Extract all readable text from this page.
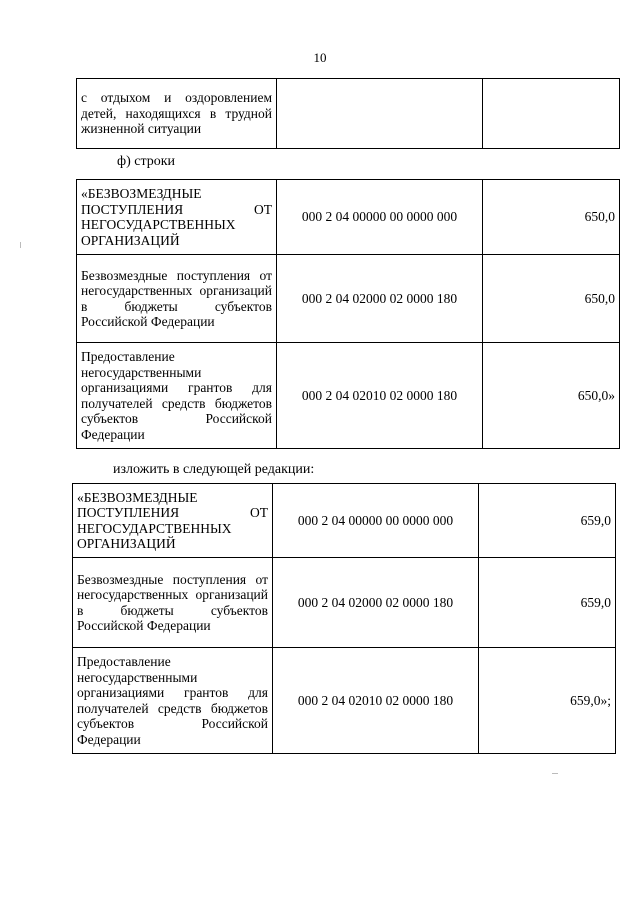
10
с отдыхом и оздоровлением детей, находящихся в трудной жизненной ситуации		
ф) строки
«БЕЗВОЗМЕЗДНЫЕ ПОСТУПЛЕНИЯ ОТ НЕГОСУДАРСТВЕННЫХ ОРГАНИЗАЦИЙ	000 2 04 00000 00 0000 000	650,0
Безвозмездные поступления от негосударственных организаций в бюджеты субъектов Российской Федерации	000 2 04 02000 02 0000 180	650,0
Предоставление негосударственными организациями грантов для получателей средств бюджетов субъектов Российской Федерации	000 2 04 02010 02 0000 180	650,0»
изложить в следующей редакции:
«БЕЗВОЗМЕЗДНЫЕ ПОСТУПЛЕНИЯ ОТ НЕГОСУДАРСТВЕННЫХ ОРГАНИЗАЦИЙ	000 2 04 00000 00 0000 000	659,0
Безвозмездные поступления от негосударственных организаций в бюджеты субъектов Российской Федерации	000 2 04 02000 02 0000 180	659,0
Предоставление негосударственными организациями грантов для получателей средств бюджетов субъектов Российской Федерации	000 2 04 02010 02 0000 180	659,0»;
